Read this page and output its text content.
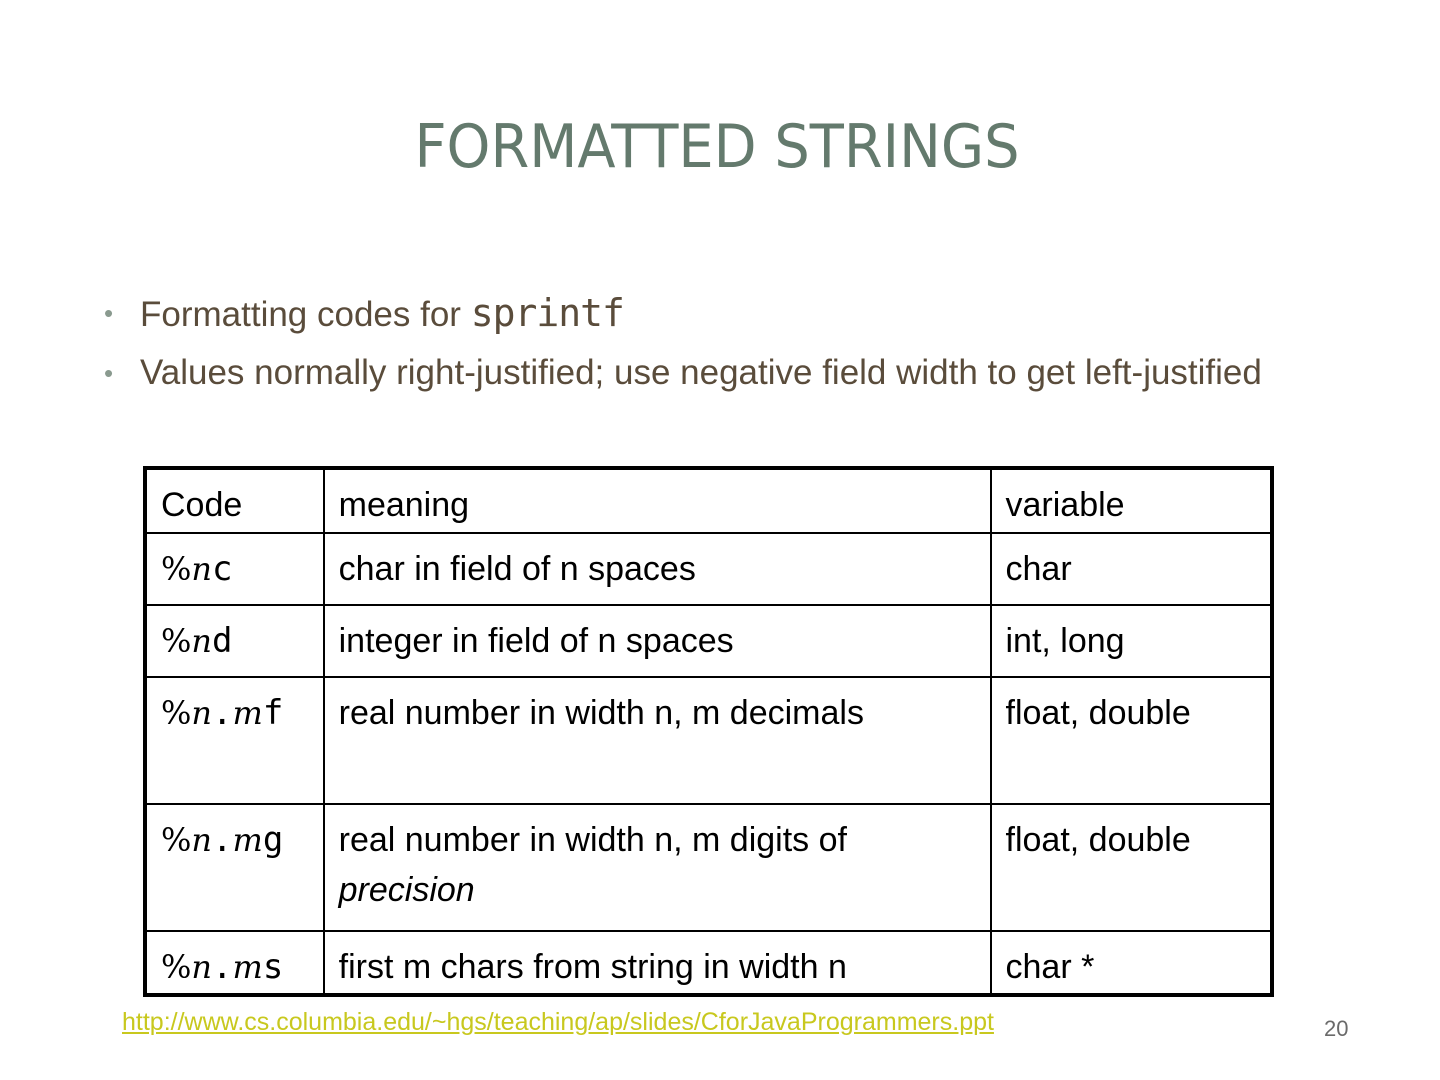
FORMATTED STRINGS
• Formatting codes for sprintf
• Values normally right-justified; use negative field width to get left-justified
Code	meaning	variable
%nc	char in field of n spaces	char
%nd	integer in field of n spaces	int, long
%n.mf	real number in width n, m decimals	float, double
%n.mg	real number in width n, m digits of precision	float, double
%n.ms	first m chars from string in width n	char *
http://www.cs.columbia.edu/~hgs/teaching/ap/slides/CforJavaProgrammers.ppt	20
